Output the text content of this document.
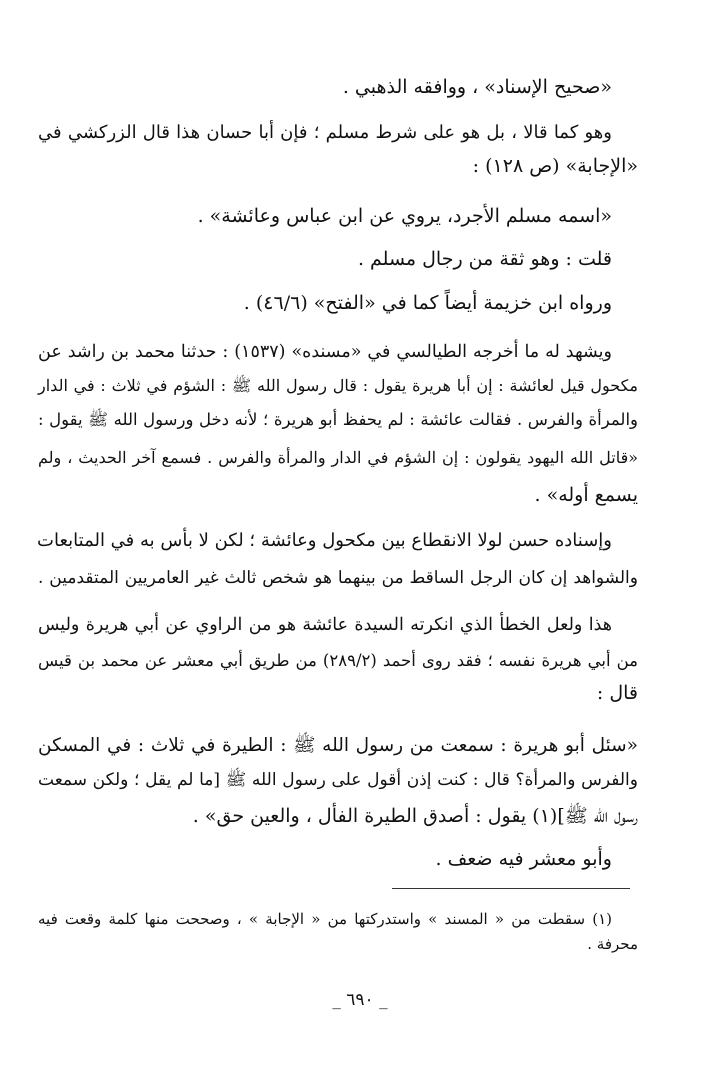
«صحيح الإسناد» ، ووافقه الذهبي .
وهو كما قالا ، بل هو على شرط مسلم ؛ فإن أبا حسان هذا قال الزركشي في
«الإجابة» (ص ١٢٨) :
«اسمه مسلم الأجرد، يروي عن ابن عباس وعائشة» .
قلت : وهو ثقة من رجال مسلم .
ورواه ابن خزيمة أيضاً كما في «الفتح» (٤٦/٦) .
ويشهد له ما أخرجه الطيالسي في «مسنده» (١٥٣٧) : حدثنا محمد بن راشد عن
مكحول قيل لعائشة : إن أبا هريرة يقول : قال رسول الله ﷺ : الشؤم في ثلاث : في الدار
والمرأة والفرس . فقالت عائشة : لم يحفظ أبو هريرة ؛ لأنه دخل ورسول الله ﷺ يقول :
«قاتل الله اليهود يقولون : إن الشؤم في الدار والمرأة والفرس . فسمع آخر الحديث ، ولم
يسمع أوله» .
وإسناده حسن لولا الانقطاع بين مكحول وعائشة ؛ لكن لا بأس به في المتابعات
والشواهد إن كان الرجل الساقط من بينهما هو شخص ثالث غير العامريين المتقدمين .
هذا ولعل الخطأ الذي انكرته السيدة عائشة هو من الراوي عن أبي هريرة وليس
من أبي هريرة نفسه ؛ فقد روى أحمد (٢٨٩/٢) من طريق أبي معشر عن محمد بن قيس
قال :
«سئل أبو هريرة : سمعت من رسول الله ﷺ : الطيرة في ثلاث : في المسكن
والفرس والمرأة؟ قال : كنت إذن أقول على رسول الله ﷺ [ما لم يقل ؛ ولكن سمعت
رسول الله ﷺ](١) يقول : أصدق الطيرة الفأل ، والعين حق» .
وأبو معشر فيه ضعف .
(١) سقطت من « المسند » واستدركتها من « الإجابة » ، وصححت منها كلمة وقعت فيه
محرفة .
_ ٦٩٠ _
